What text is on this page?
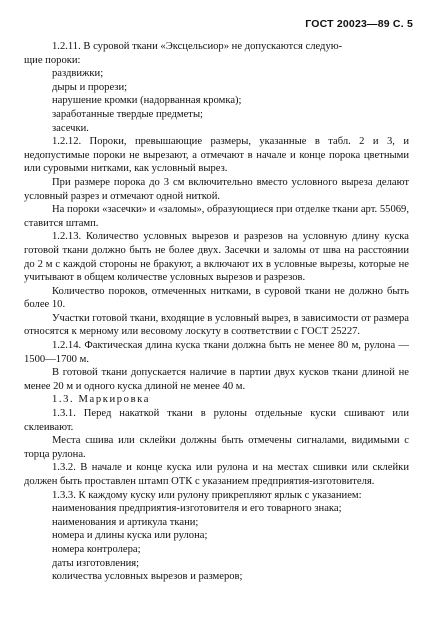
ГОСТ 20023—89 С. 5

1.2.11. В суровой ткани «Эксцельсиор» не допускаются следую-

щие пороки:

раздвижки;

дыры и прорези;

нарушение кромки (надорванная кромка);

заработанные твердые предметы;

засечки.

1.2.12. Пороки, превышающие размеры, указанные в табл. 2 и 3, и недопустимые пороки не вырезают, а отмечают в начале и конце порока цветными или суровыми нитками, как условный вырез.

При размере порока до 3 см включительно вместо условного выреза делают условный разрез и отмечают одной ниткой.

На пороки «засечки» и «заломы», образующиеся при отделке ткани арт. 55069, ставится штамп.

1.2.13. Количество условных вырезов и разрезов на условную длину куска готовой ткани должно быть не более двух. Засечки и заломы от шва на расстоянии до 2 м с каждой стороны не бракуют, а включают их в условные вырезы, которые не учитывают в общем количестве условных вырезов и разрезов.

Количество пороков, отмеченных нитками, в суровой ткани не должно быть более 10.

Участки готовой ткани, входящие в условный вырез, в зависимости от размера относятся к мерному или весовому лоскуту в соответствии с ГОСТ 25227.

1.2.14. Фактическая длина куска ткани должна быть не менее 80 м, рулона — 1500—1700 м.

В готовой ткани допускается наличие в партии двух кусков ткани длиной не менее 20 м и одного куска длиной не менее 40 м.

1.3. Маркировка

1.3.1. Перед накаткой ткани в рулоны отдельные куски сшивают или склеивают.

Места сшива или склейки должны быть отмечены сигналами, видимыми с торца рулона.

1.3.2. В начале и конце куска или рулона и на местах сшивки или склейки должен быть проставлен штамп ОТК с указанием предприятия-изготовителя.

1.3.3. К каждому куску или рулону прикрепляют ярлык с указанием:

наименования предприятия-изготовителя и его товарного знака;

наименования и артикула ткани;

номера и длины куска или рулона;

номера контролера;

даты изготовления;

количества условных вырезов и размеров;
